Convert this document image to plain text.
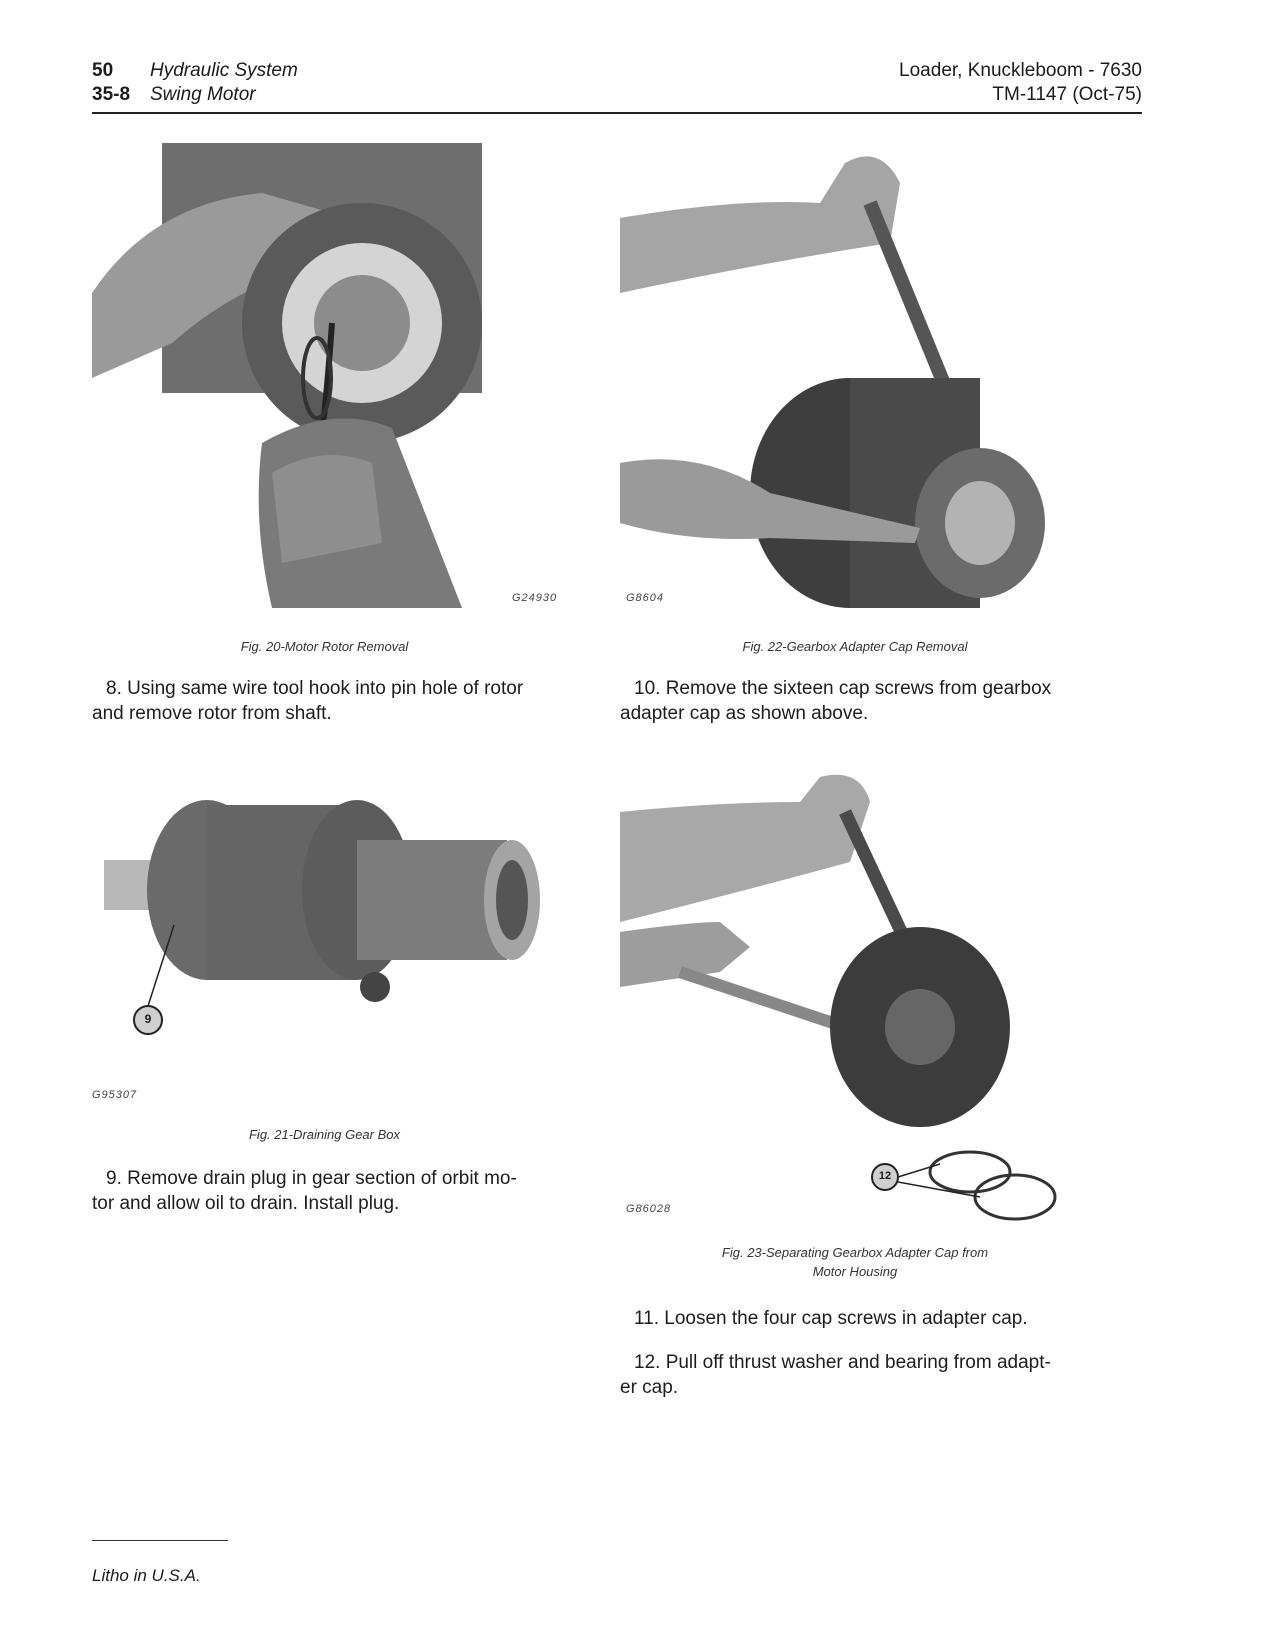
50 Hydraulic System
35-8 Swing Motor
Loader, Knuckleboom - 7630
TM-1147 (Oct-75)
G24930
Fig. 20-Motor Rotor Removal
8. Using same wire tool hook into pin hole of rotor
and remove rotor from shaft.
9
G95307
Fig. 21-Draining Gear Box
9. Remove drain plug in gear section of orbit mo-
tor and allow oil to drain. Install plug.
G8604
Fig. 22-Gearbox Adapter Cap Removal
10. Remove the sixteen cap screws from gearbox
adapter cap as shown above.
12
G86028
Fig. 23-Separating Gearbox Adapter Cap from
Motor Housing
11. Loosen the four cap screws in adapter cap.
12. Pull off thrust washer and bearing from adapt-
er cap.
Litho in U.S.A.
